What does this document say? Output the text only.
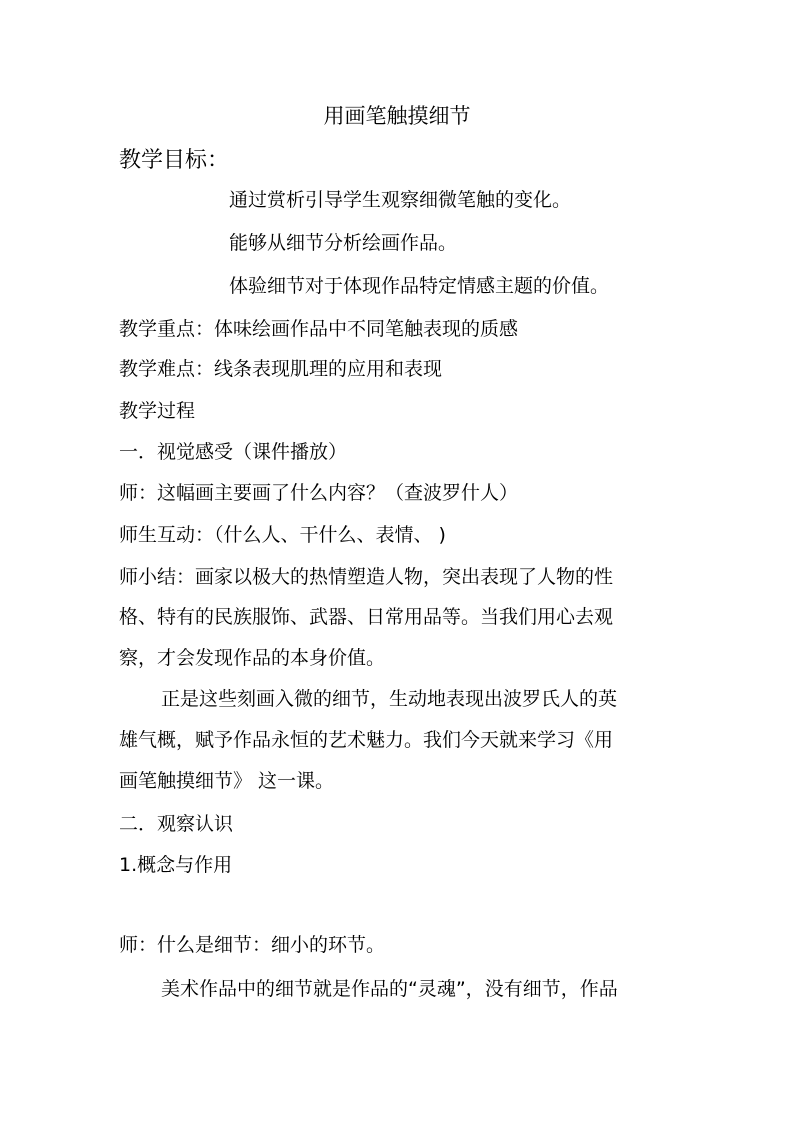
用画笔触摸细节
教学目标：
通过赏析引导学生观察细微笔触的变化。
能够从细节分析绘画作品。
体验细节对于体现作品特定情感主题的价值。
教学重点：体味绘画作品中不同笔触表现的质感
教学难点：线条表现肌理的应用和表现
教学过程
一．视觉感受（课件播放）
师：这幅画主要画了什么内容？（查波罗什人）
师生互动：（什么人、干什么、表情、 )
师小结：画家以极大的热情塑造人物，突出表现了人物的性
格、特有的民族服饰、武器、日常用品等。当我们用心去观
察，才会发现作品的本身价值。
正是这些刻画入微的细节，生动地表现出波罗氏人的英
雄气概，赋予作品永恒的艺术魅力。我们今天就来学习《用
画笔触摸细节》 这一课。
二．观察认识
1.概念与作用
师：什么是细节：细小的环节。
美术作品中的细节就是作品的“灵魂”，没有细节，作品
